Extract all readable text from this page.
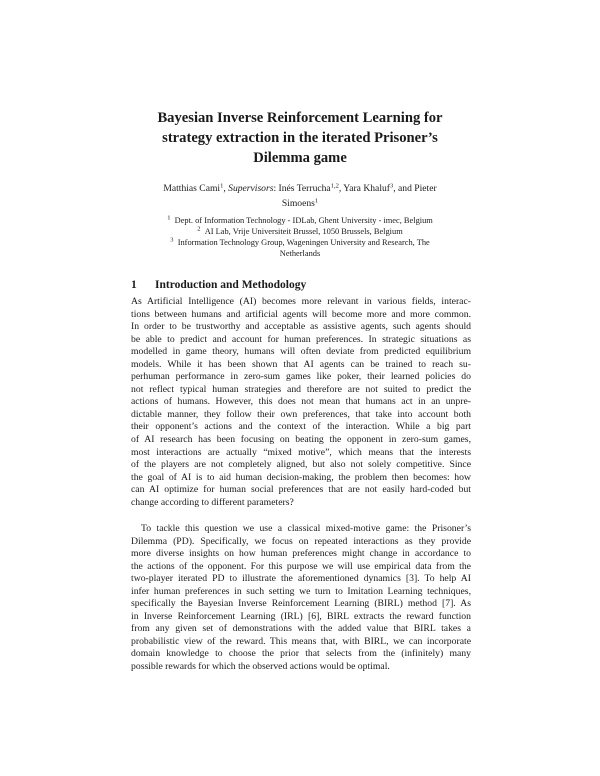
Bayesian Inverse Reinforcement Learning for
strategy extraction in the iterated Prisoner’s
Dilemma game
Matthias Cami$^1$, Supervisors: Inés Terrucha$^{1,2}$, Yara Khaluf$^3$, and Pieter
Simoens$^1$
$^1$ Dept. of Information Technology - IDLab, Ghent University - imec, Belgium
$^2$ AI Lab, Vrije Universiteit Brussel, 1050 Brussels, Belgium
$^3$ Information Technology Group, Wageningen University and Research, The
Netherlands
1 Introduction and Methodology
As Artificial Intelligence (AI) becomes more relevant in various fields, interac-
tions between humans and artificial agents will become more and more common.
In order to be trustworthy and acceptable as assistive agents, such agents should
be able to predict and account for human preferences. In strategic situations as
modelled in game theory, humans will often deviate from predicted equilibrium
models. While it has been shown that AI agents can be trained to reach su-
perhuman performance in zero-sum games like poker, their learned policies do
not reflect typical human strategies and therefore are not suited to predict the
actions of humans. However, this does not mean that humans act in an unpre-
dictable manner, they follow their own preferences, that take into account both
their opponent’s actions and the context of the interaction. While a big part
of AI research has been focusing on beating the opponent in zero-sum games,
most interactions are actually “mixed motive”, which means that the interests
of the players are not completely aligned, but also not solely competitive. Since
the goal of AI is to aid human decision-making, the problem then becomes: how
can AI optimize for human social preferences that are not easily hard-coded but
change according to different parameters?
To tackle this question we use a classical mixed-motive game: the Prisoner’s
Dilemma (PD). Specifically, we focus on repeated interactions as they provide
more diverse insights on how human preferences might change in accordance to
the actions of the opponent. For this purpose we will use empirical data from the
two-player iterated PD to illustrate the aforementioned dynamics [3]. To help AI
infer human preferences in such setting we turn to Imitation Learning techniques,
specifically the Bayesian Inverse Reinforcement Learning (BIRL) method [7]. As
in Inverse Reinforcement Learning (IRL) [6], BIRL extracts the reward function
from any given set of demonstrations with the added value that BIRL takes a
probabilistic view of the reward. This means that, with BIRL, we can incorporate
domain knowledge to choose the prior that selects from the (infinitely) many
possible rewards for which the observed actions would be optimal.
